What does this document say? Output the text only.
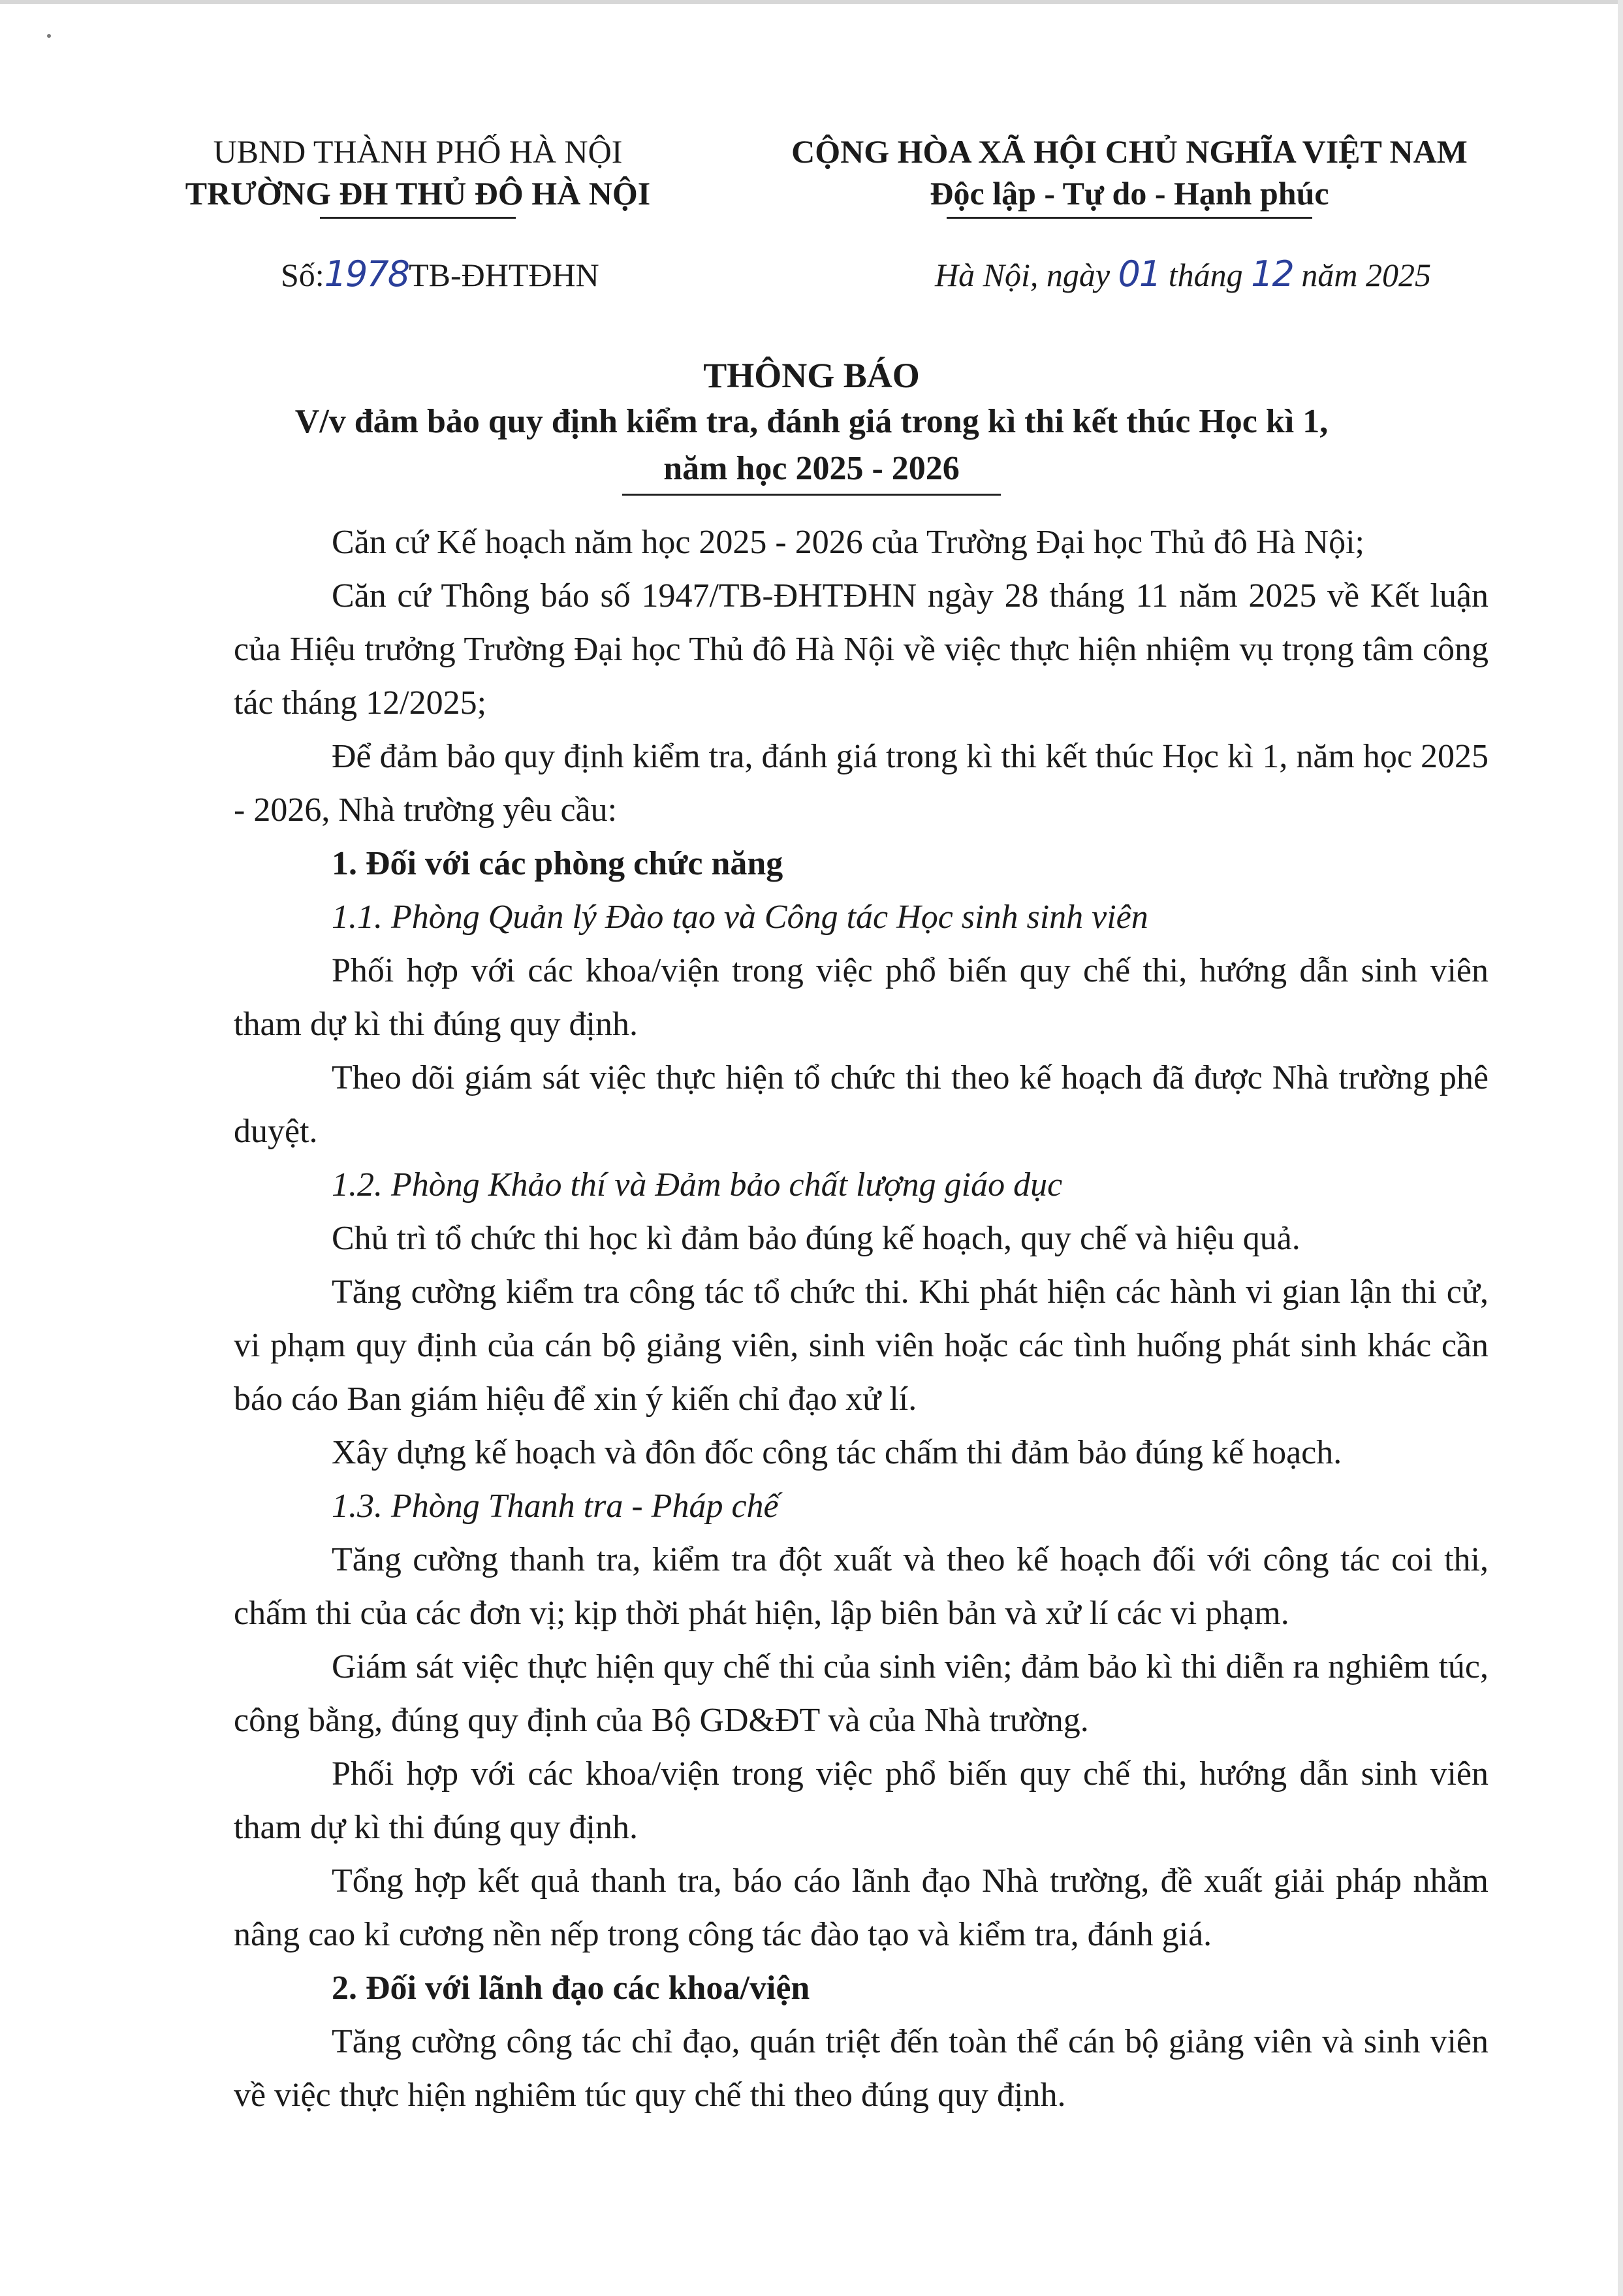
UBND THÀNH PHỐ HÀ NỘI
TRƯỜNG ĐH THỦ ĐÔ HÀ NỘI
CỘNG HÒA XÃ HỘI CHỦ NGHĨA VIỆT NAM
Độc lập - Tự do - Hạnh phúc
Số:1978TB-ĐHTĐHN	Hà Nội, ngày 01 tháng 12 năm 2025
THÔNG BÁO
V/v đảm bảo quy định kiểm tra, đánh giá trong kì thi kết thúc Học kì 1,
năm học 2025 - 2026

Căn cứ Kế hoạch năm học 2025 - 2026 của Trường Đại học Thủ đô Hà Nội;

Căn cứ Thông báo số 1947/TB-ĐHTĐHN ngày 28 tháng 11 năm 2025 về Kết luận của Hiệu trưởng Trường Đại học Thủ đô Hà Nội về việc thực hiện nhiệm vụ trọng tâm công tác tháng 12/2025;

Để đảm bảo quy định kiểm tra, đánh giá trong kì thi kết thúc Học kì 1, năm học 2025 - 2026, Nhà trường yêu cầu:

1. Đối với các phòng chức năng

1.1. Phòng Quản lý Đào tạo và Công tác Học sinh sinh viên

Phối hợp với các khoa/viện trong việc phổ biến quy chế thi, hướng dẫn sinh viên tham dự kì thi đúng quy định.

Theo dõi giám sát việc thực hiện tổ chức thi theo kế hoạch đã được Nhà trường phê duyệt.

1.2. Phòng Khảo thí và Đảm bảo chất lượng giáo dục

Chủ trì tổ chức thi học kì đảm bảo đúng kế hoạch, quy chế và hiệu quả.

Tăng cường kiểm tra công tác tổ chức thi. Khi phát hiện các hành vi gian lận thi cử, vi phạm quy định của cán bộ giảng viên, sinh viên hoặc các tình huống phát sinh khác cần báo cáo Ban giám hiệu để xin ý kiến chỉ đạo xử lí.

Xây dựng kế hoạch và đôn đốc công tác chấm thi đảm bảo đúng kế hoạch.

1.3. Phòng Thanh tra - Pháp chế

Tăng cường thanh tra, kiểm tra đột xuất và theo kế hoạch đối với công tác coi thi, chấm thi của các đơn vị; kịp thời phát hiện, lập biên bản và xử lí các vi phạm.

Giám sát việc thực hiện quy chế thi của sinh viên; đảm bảo kì thi diễn ra nghiêm túc, công bằng, đúng quy định của Bộ GD&ĐT và của Nhà trường.

Phối hợp với các khoa/viện trong việc phổ biến quy chế thi, hướng dẫn sinh viên tham dự kì thi đúng quy định.

Tổng hợp kết quả thanh tra, báo cáo lãnh đạo Nhà trường, đề xuất giải pháp nhằm nâng cao kỉ cương nền nếp trong công tác đào tạo và kiểm tra, đánh giá.

2. Đối với lãnh đạo các khoa/viện

Tăng cường công tác chỉ đạo, quán triệt đến toàn thể cán bộ giảng viên và sinh viên về việc thực hiện nghiêm túc quy chế thi theo đúng quy định.
